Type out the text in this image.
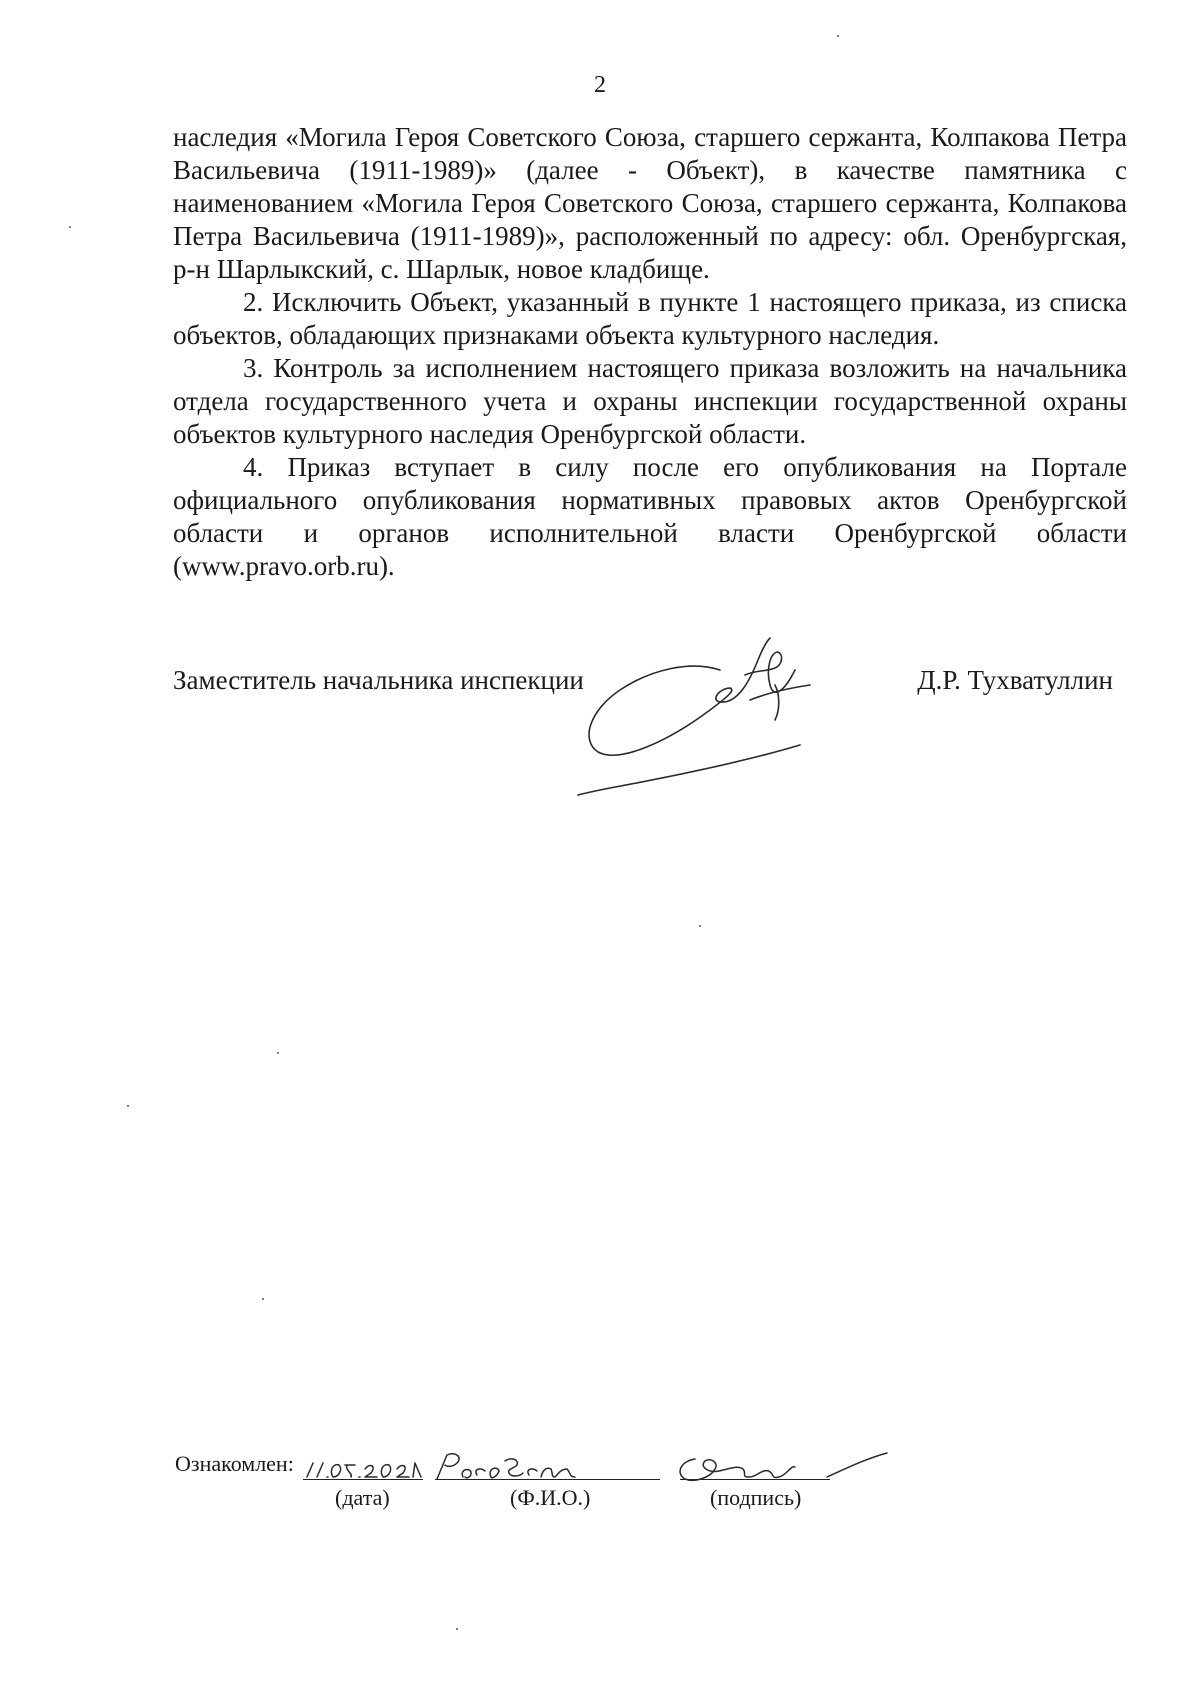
2

наследия «Могила Героя Советского Союза, старшего сержанта, Колпакова Петра Васильевича (1911-1989)» (далее - Объект), в качестве памятника с наименованием «Могила Героя Советского Союза, старшего сержанта, Колпакова Петра Васильевича (1911-1989)», расположенный по адресу: обл. Оренбургская, р-н Шарлыкский, с. Шарлык, новое кладбище.

2. Исключить Объект, указанный в пункте 1 настоящего приказа, из списка объектов, обладающих признаками объекта культурного наследия.

3. Контроль за исполнением настоящего приказа возложить на начальника отдела государственного учета и охраны инспекции государственной охраны объектов культурного наследия Оренбургской области.

4. Приказ вступает в силу после его опубликования на Портале официального опубликования нормативных правовых актов Оренбургской области и органов исполнительной власти Оренбургской области (www.pravo.orb.ru).

Заместитель начальника инспекции	Д.Р. Тухватуллин
Ознакомлен:
(дата)	(Ф.И.О.)	(подпись)
